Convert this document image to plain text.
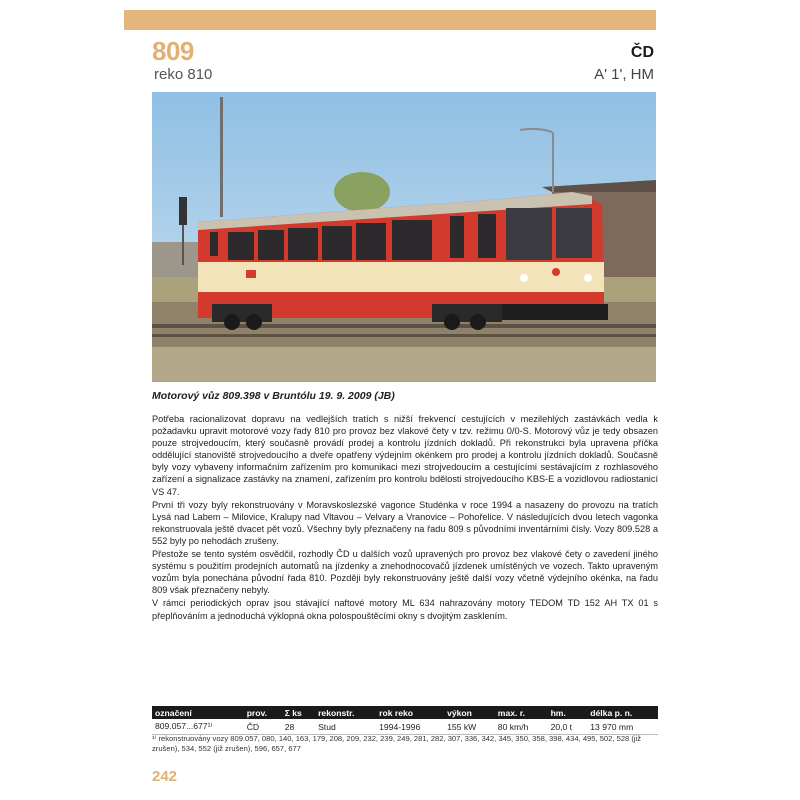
809
reko 810
ČD
A' 1', HM
Motorový vůz 809.398 v Bruntólu 19. 9. 2009 (JB)

Potřeba racionalizovat dopravu na vedlejších tratích s nižší frekvencí cestujících v mezilehlých zastávkách vedla k požadavku upravit motorové vozy řady 810 pro provoz bez vlakové čety v tzv. režimu 0/0-S. Motorový vůz je tedy obsazen pouze strojvedoucím, který současně provádí prodej a kontrolu jízdních dokladů. Při rekonstrukci byla upravena příčka oddělující stanoviště strojvedoucího a dveře opatřeny výdejním okénkem pro prodej a kontrolu jízdních dokladů. Současně byly vozy vybaveny informačním zařízením pro komunikaci mezi strojvedoucím a cestujícími sestávajícím z rozhlasového zařízení a signalizace zastávky na znamení, zařízením pro kontrolu bdělosti strojvedoucího KBS-E a vozidlovou radiostanicí VS 47.

První tři vozy byly rekonstruovány v Moravskoslezské vagonce Studénka v roce 1994 a nasazeny do provozu na tratích Lysá nad Labem – Milovice, Kralupy nad Vltavou – Velvary a Vranovice – Pohořelice. V následujících dvou letech vagonka rekonstruovala ještě dvacet pět vozů. Všechny byly přeznačeny na řadu 809 s původními inventárními čísly. Vozy 809.528 a 552 byly po nehodách zrušeny.

Přestože se tento systém osvědčil, rozhodly ČD u dalších vozů upravených pro provoz bez vlakové čety o zavedení jiného systému s použitím prodejních automatů na jízdenky a znehodnocovačů jízdenek umístěných ve vozech. Takto upraveným vozům byla ponechána původní řada 810. Později byly rekonstruovány ještě další vozy včetně výdejního okénka, na řadu 809 však přeznačeny nebyly.

V rámci periodických oprav jsou stávající naftové motory ML 634 nahrazovány motory TEDOM TD 152 AH TX 01 s přeplňováním a jednoduchá výklopná okna polospouštěcími okny s dvojitým zasklením.

označení	prov.	Σ ks	rekonstr.	rok reko	výkon	max. r.	hm.	délka p. n.
809.057...677¹⁾	ČD	28	Stud	1994-1996	155 kW	80 km/h	20,0 t	13 970 mm
¹⁾ rekonstruovány vozy 809.057, 080, 140, 163, 179, 208, 209, 232, 239, 249, 281, 282, 307, 336, 342, 345, 350, 358, 398, 434, 495, 502, 528 (již zrušen), 534, 552 (již zrušen), 596, 657, 677
242
